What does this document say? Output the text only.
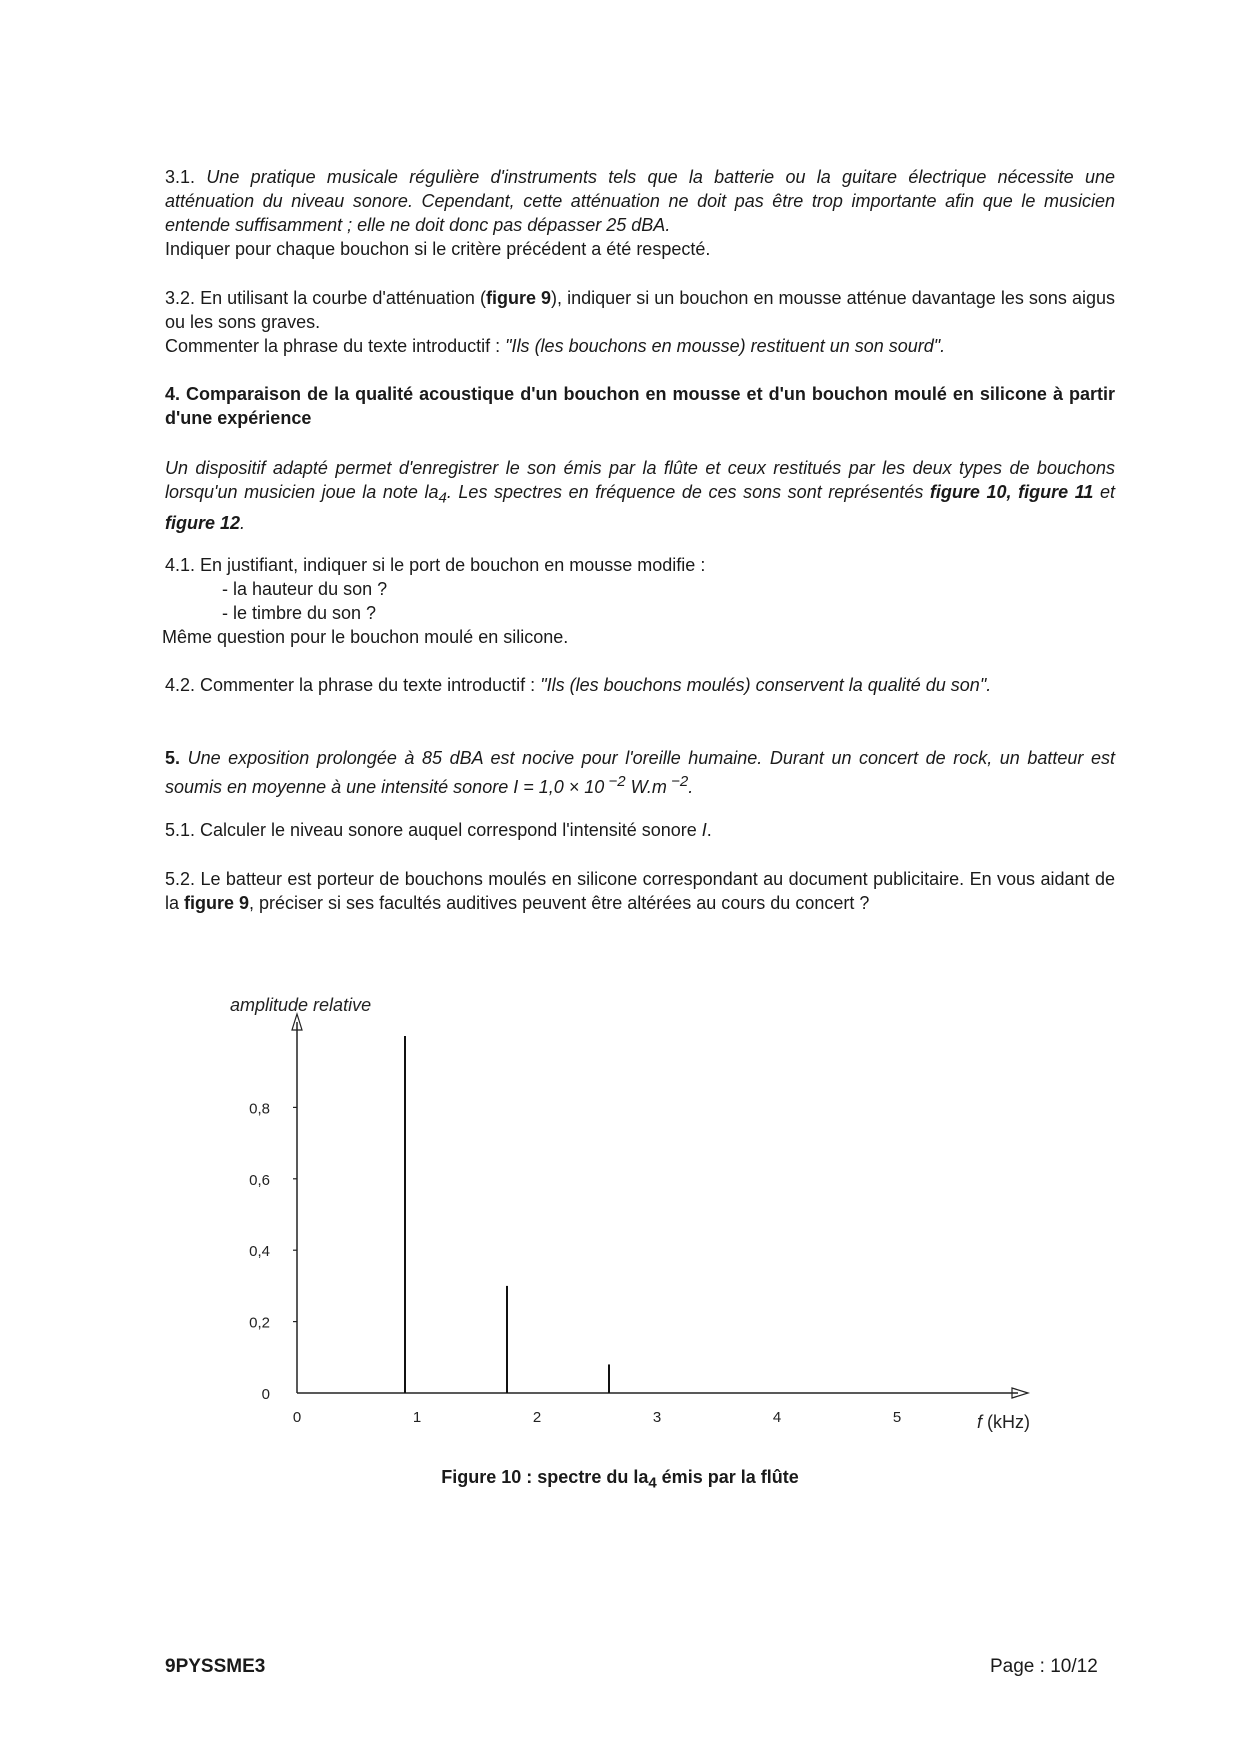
3.1. Une pratique musicale régulière d'instruments tels que la batterie ou la guitare électrique nécessite une atténuation du niveau sonore. Cependant, cette atténuation ne doit pas être trop importante afin que le musicien entende suffisamment ; elle ne doit donc pas dépasser 25 dBA.

Indiquer pour chaque bouchon si le critère précédent a été respecté.

3.2. En utilisant la courbe d'atténuation (figure 9), indiquer si un bouchon en mousse atténue davantage les sons aigus ou les sons graves.

Commenter la phrase du texte introductif : "Ils (les bouchons en mousse) restituent un son sourd".

4. Comparaison de la qualité acoustique d'un bouchon en mousse et d'un bouchon moulé en silicone à partir d'une expérience
Un dispositif adapté permet d'enregistrer le son émis par la flûte et ceux restitués par les deux types de bouchons lorsqu'un musicien joue la note $la_4$. Les spectres en fréquence de ces sons sont représentés figure 10, figure 11 et figure 12.

4.1. En justifiant, indiquer si le port de bouchon en mousse modifie :

- la hauteur du son ?

- le timbre du son ?

Même question pour le bouchon moulé en silicone.

4.2. Commenter la phrase du texte introductif : "Ils (les bouchons moulés) conservent la qualité du son".
5. Une exposition prolongée à 85 dBA est nocive pour l'oreille humaine. Durant un concert de rock, un batteur est soumis en moyenne à une intensité sonore I = 1,0 × 10 $^{-2}$ W.m $^{-2}$.
5.1. Calculer le niveau sonore auquel correspond l'intensité sonore I.
5.2. Le batteur est porteur de bouchons moulés en silicone correspondant au document publicitaire. En vous aidant de la figure 9, préciser si ses facultés auditives peuvent être altérées au cours du concert ?
amplitude relative
f (kHz)
0
0,2
0,4
0,6
0,8
0	1	2	3	4	5
Figure 10 : spectre du $la_4$ émis par la flûte
9PYSSME3	Page : 10/12
